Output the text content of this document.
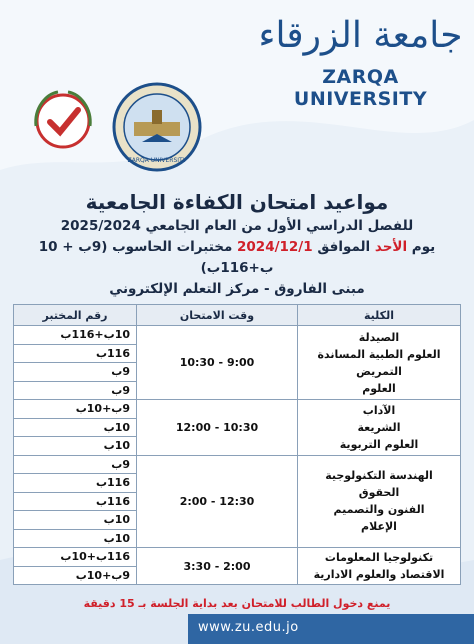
جامعة الزرقاء
ZARQA UNIVERSITY
ZARQA UNIVERSITY
مواعيد امتحان الكفاءة الجامعية
للفصل الدراسي الأول من العام الجامعي 2025/2024
يوم الأحد الموافق 2024/12/1 مختبرات الحاسوب (9ب + 10 ب+116ب)
مبنى الفاروق - مركز التعلم الإلكتروني
الكلية	وقت الامتحان	رقم المختبر

الصيدلة
العلوم الطبية المساندة
التمريض
العلوم	9:00 - 10:30	10ب+116ب
		116ب
		9ب
		9ب

الآداب
الشريعة
العلوم التربوية	10:30 - 12:00	9ب+10ب
		10ب
		10ب

الهندسة التكنولوجية
الحقوق
الفنون والتصميم
الإعلام	12:30 - 2:00	9ب
		116ب
		116ب
		10ب
		10ب

تكنولوجيا المعلومات
الاقتصاد والعلوم الادارية	2:00 - 3:30	116ب+10ب
		9ب+10ب
يمنع دخول الطالب للامتحان بعد بداية الجلسة بـ 15 دقيقة
www.zu.edu.jo
